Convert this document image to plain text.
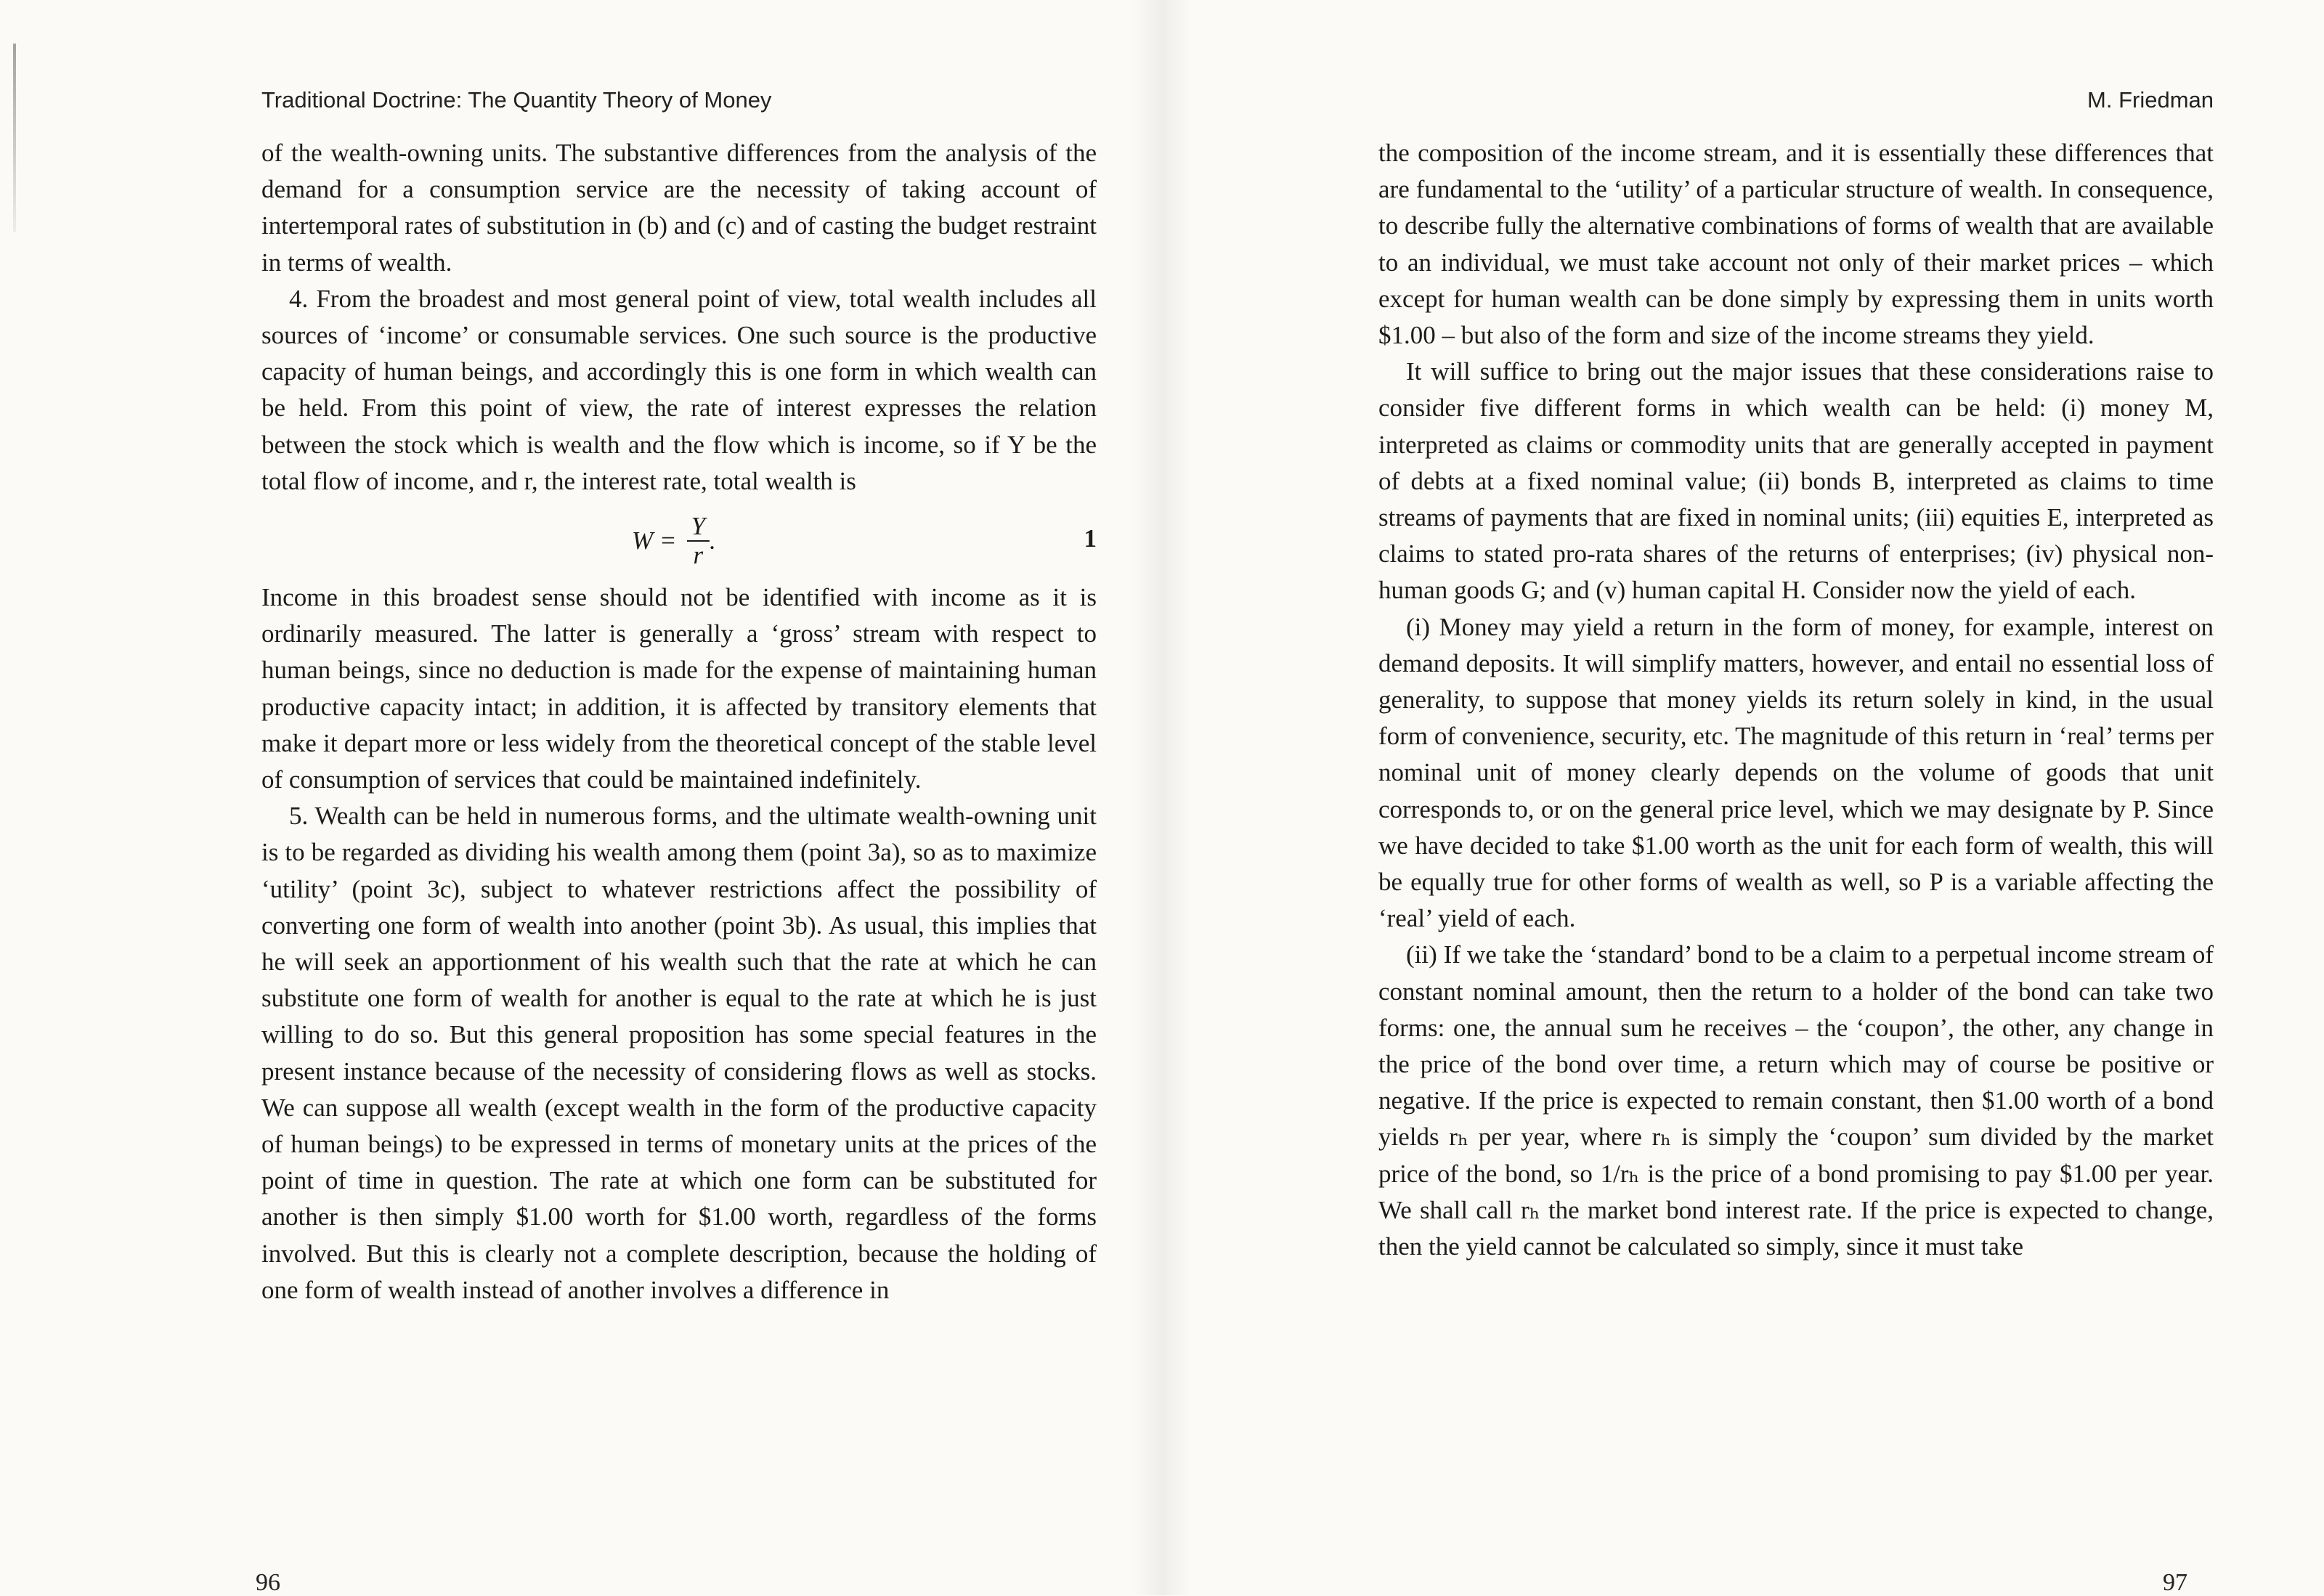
Traditional Doctrine: The Quantity Theory of Money

of the wealth-owning units. The substantive differences from the analysis of the demand for a consumption service are the necessity of taking account of intertemporal rates of substitution in (b) and (c) and of casting the budget restraint in terms of wealth.

4. From the broadest and most general point of view, total wealth includes all sources of ‘income’ or consumable services. One such source is the productive capacity of human beings, and accordingly this is one form in which wealth can be held. From this point of view, the rate of interest expresses the relation between the stock which is wealth and the flow which is income, so if Y be the total flow of income, and r, the interest rate, total wealth is

$W = \frac{Y}{r}$ .	1

Income in this broadest sense should not be identified with income as it is ordinarily measured. The latter is generally a ‘gross’ stream with respect to human beings, since no deduction is made for the expense of maintaining human productive capacity intact; in addition, it is affected by transitory elements that make it depart more or less widely from the theoretical concept of the stable level of consumption of services that could be maintained indefinitely.

5. Wealth can be held in numerous forms, and the ultimate wealth-owning unit is to be regarded as dividing his wealth among them (point 3a), so as to maximize ‘utility’ (point 3c), subject to whatever restrictions affect the possibility of converting one form of wealth into another (point 3b). As usual, this implies that he will seek an apportionment of his wealth such that the rate at which he can substitute one form of wealth for another is equal to the rate at which he is just willing to do so. But this general proposition has some special features in the present instance because of the necessity of considering flows as well as stocks. We can suppose all wealth (except wealth in the form of the productive capacity of human beings) to be expressed in terms of monetary units at the prices of the point of time in question. The rate at which one form can be substituted for another is then simply $1.00 worth for $1.00 worth, regardless of the forms involved. But this is clearly not a complete description, because the holding of one form of wealth instead of another involves a difference in

96
M. Friedman

the composition of the income stream, and it is essentially these differences that are fundamental to the ‘utility’ of a particular structure of wealth. In consequence, to describe fully the alternative combinations of forms of wealth that are available to an individual, we must take account not only of their market prices – which except for human wealth can be done simply by expressing them in units worth $1.00 – but also of the form and size of the income streams they yield.

It will suffice to bring out the major issues that these considerations raise to consider five different forms in which wealth can be held: (i) money M, interpreted as claims or commodity units that are generally accepted in payment of debts at a fixed nominal value; (ii) bonds B, interpreted as claims to time streams of payments that are fixed in nominal units; (iii) equities E, interpreted as claims to stated pro-rata shares of the returns of enterprises; (iv) physical non-human goods G; and (v) human capital H. Consider now the yield of each.

(i) Money may yield a return in the form of money, for example, interest on demand deposits. It will simplify matters, however, and entail no essential loss of generality, to suppose that money yields its return solely in kind, in the usual form of convenience, security, etc. The magnitude of this return in ‘real’ terms per nominal unit of money clearly depends on the volume of goods that unit corresponds to, or on the general price level, which we may designate by P. Since we have decided to take $1.00 worth as the unit for each form of wealth, this will be equally true for other forms of wealth as well, so P is a variable affecting the ‘real’ yield of each.

(ii) If we take the ‘standard’ bond to be a claim to a perpetual income stream of constant nominal amount, then the return to a holder of the bond can take two forms: one, the annual sum he receives – the ‘coupon’, the other, any change in the price of the bond over time, a return which may of course be positive or negative. If the price is expected to remain constant, then $1.00 worth of a bond yields rₕ per year, where rₕ is simply the ‘coupon’ sum divided by the market price of the bond, so 1/rₕ is the price of a bond promising to pay $1.00 per year. We shall call rₕ the market bond interest rate. If the price is expected to change, then the yield cannot be calculated so simply, since it must take

97
